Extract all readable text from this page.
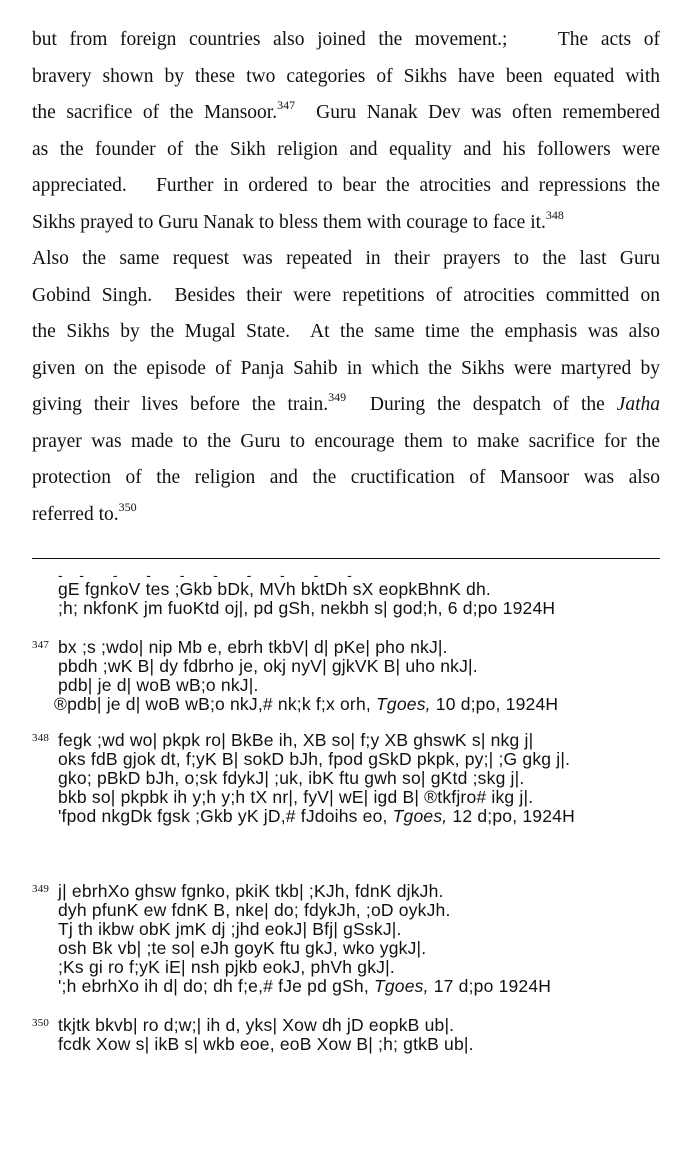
but from foreign countries also joined the movement.;    The acts of
bravery shown by these two categories of Sikhs have been equated with
the sacrifice of the Mansoor.$^{347}$  Guru Nanak Dev was often remembered
as the founder of the Sikh religion and equality and his followers were
appreciated.   Further in ordered to bear the atrocities and repressions the
Sikhs prayed to Guru Nanak to bless them with courage to face it.$^{348}$
Also the same request was repeated in their prayers to the last Guru
Gobind Singh.  Besides their were repetitions of atrocities committed on
the Sikhs by the Mugal State.  At the same time the emphasis was also
given on the episode of Panja Sahib in which the Sikhs were martyred by
giving their lives before the train.$^{349}$  During the despatch of the Jatha
prayer was made to the Guru to encourage them to make sacrifice for the
protection of the religion and the cructification of Mansoor was also
referred to.$^{350}$
-    -       -       -       -       -       -       -       -       -
gE fgnkoV tes ;Gkb bDk, MVh bktDh sX eopkBhnK dh.
;h; nkfonK jm fuoKtd oj|, pd gSh, nekbh s| god;h, 6 d;po 1924H
347 bx ;s ;wdo| nip Mb e, ebrh tkbV| d| pKe| pho nkJ|.
pbdh ;wK B| dy fdbrho je, okj nyV| gjkVK B| uho nkJ|.
pdb| je d| woB wB;o nkJ|.
®pdb| je d| woB wB;o nkJ,# nk;k f;x orh, Tgoes, 10 d;po, 1924H
348 fegk ;wd wo| pkpk ro| BkBe ih, XB so| f;y XB ghswK s| nkg j|
oks fdB gjok dt, f;yK B| sokD bJh, fpod gSkD pkpk, py;| ;G gkg j|.
gko; pBkD bJh, o;sk fdykJ| ;uk, ibK ftu gwh so| gKtd ;skg j|.
bkb so| pkpbk ih y;h y;h tX nr|, fyV| wE| igd B| ®tkfjro# ikg j|.
'fpod nkgDk fgsk ;Gkb yK jD,# fJdoihs eo, Tgoes, 12 d;po, 1924H
349 j| ebrhXo ghsw fgnko, pkiK tkb| ;KJh, fdnK djkJh.
dyh pfunK ew fdnK B, nke| do; fdykJh, ;oD oykJh.
Tj th ikbw obK jmK dj ;jhd eokJ| Bfj| gSskJ|.
osh Bk vb| ;te so| eJh goyK ftu gkJ, wko ygkJ|.
;Ks gi ro f;yK iE| nsh pjkb eokJ, phVh gkJ|.
';h ebrhXo ih d| do; dh f;e,# fJe pd gSh, Tgoes, 17 d;po 1924H
350 tkjtk bkvb| ro d;w;| ih d, yks| Xow dh jD eopkB ub|.
fcdk Xow s| ikB s| wkb eoe, eoB Xow B| ;h; gtkB ub|.
